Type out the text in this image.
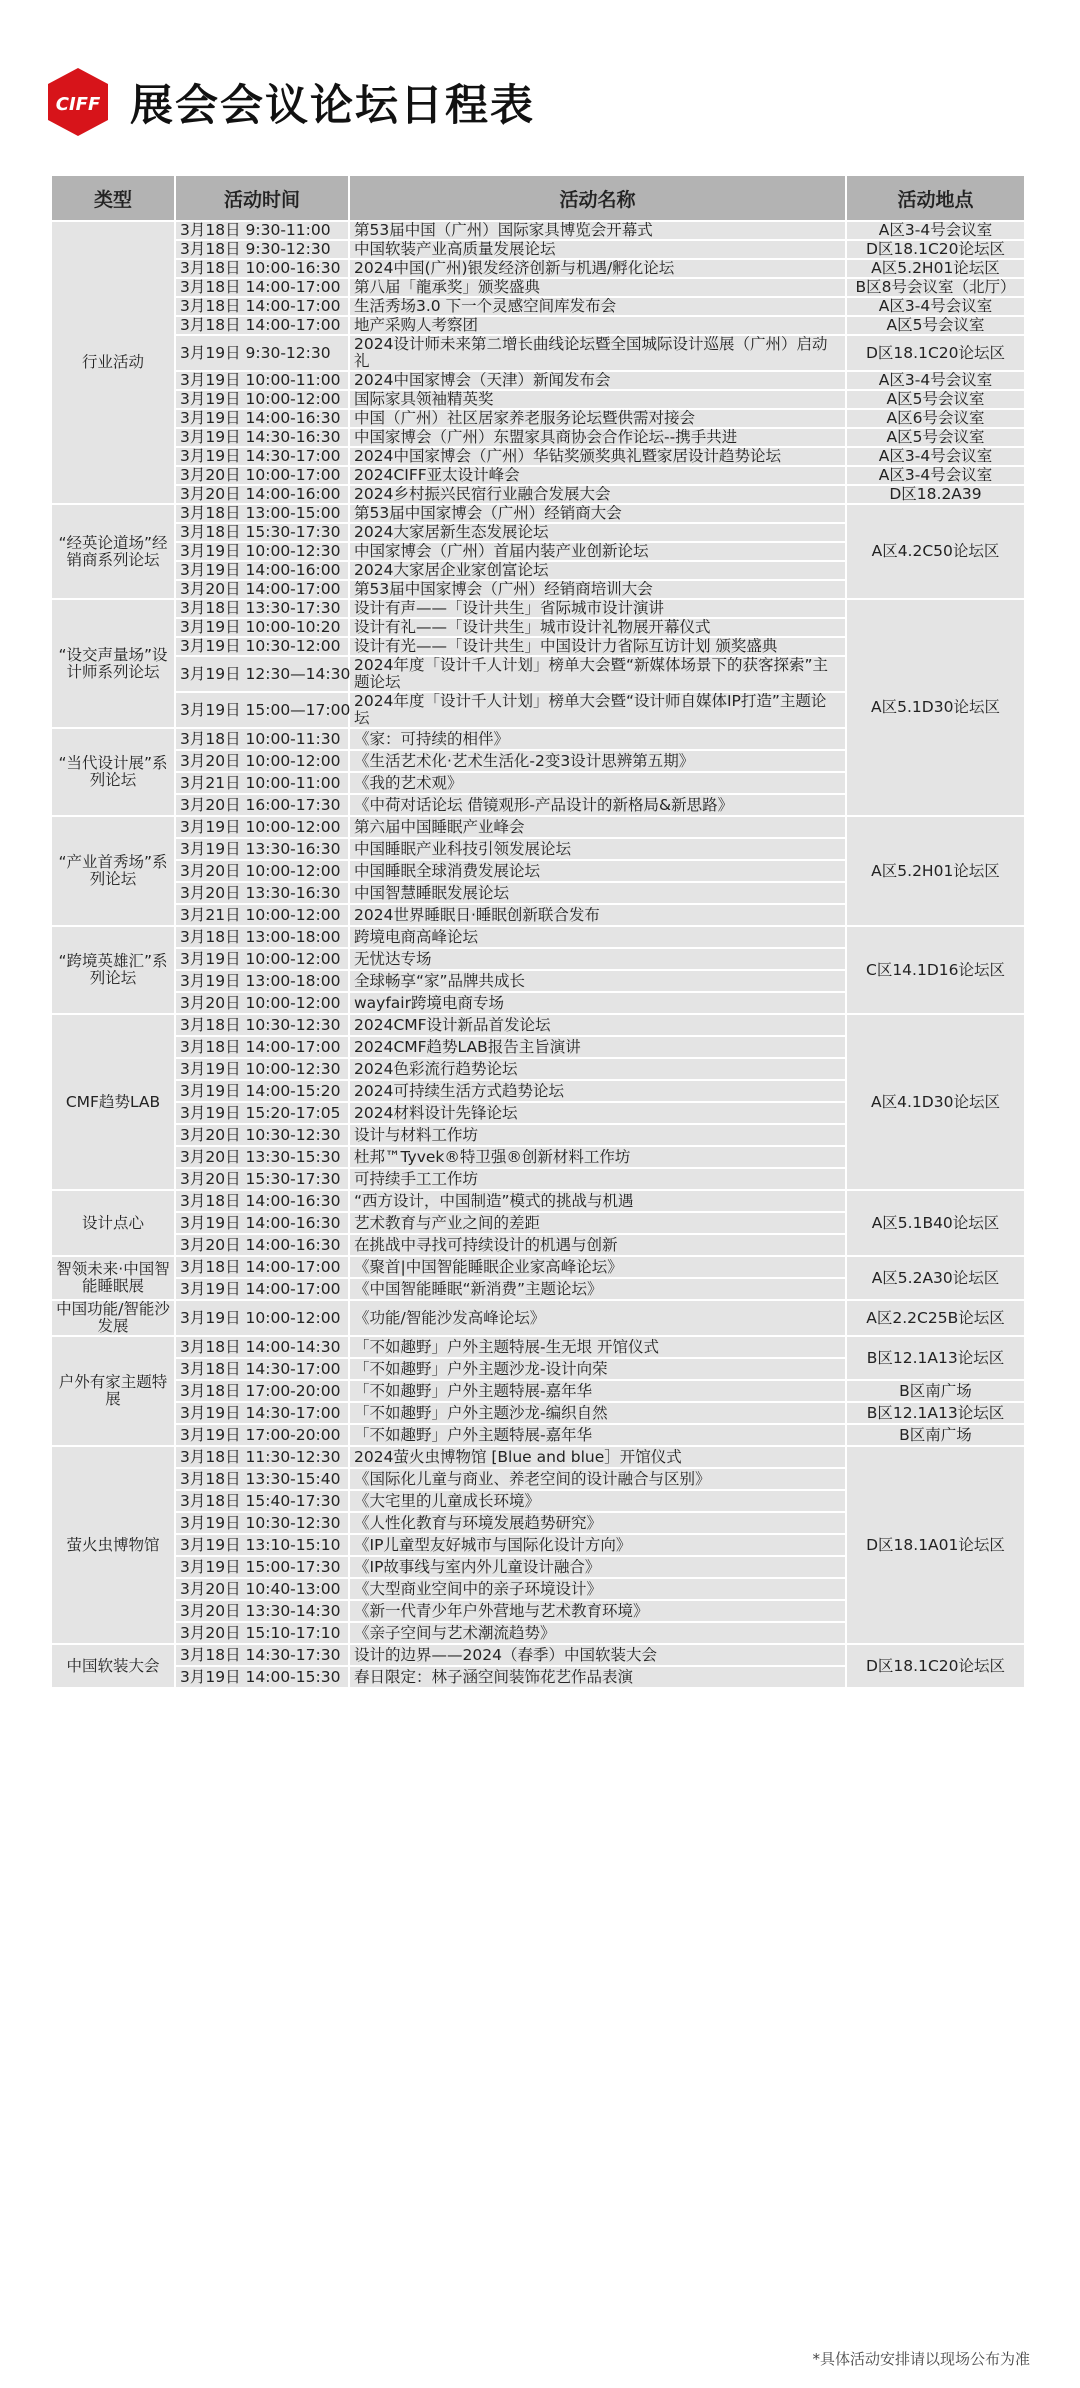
CIFF 展会会议论坛日程表
类型	活动时间	活动名称	活动地点
行业活动	3月18日 9:30-11:00	第53届中国（广州）国际家具博览会开幕式	A区3-4号会议室
	3月18日 9:30-12:30	中国软装产业高质量发展论坛	D区18.1C20论坛区
	3月18日 10:00-16:30	2024中国(广州)银发经济创新与机遇/孵化论坛	A区5.2H01论坛区
	3月18日 14:00-17:00	第八届「龍承奖」颁奖盛典	B区8号会议室（北厅）
	3月18日 14:00-17:00	生活秀场3.0 下一个灵感空间库发布会	A区3-4号会议室
	3月18日 14:00-17:00	地产采购人考察团	A区5号会议室
	3月19日 9:30-12:30	2024设计师未来第二增长曲线论坛暨全国城际设计巡展（广州）启动礼	D区18.1C20论坛区
	3月19日 10:00-11:00	2024中国家博会（天津）新闻发布会	A区3-4号会议室
	3月19日 10:00-12:00	国际家具领袖精英奖	A区5号会议室
	3月19日 14:00-16:30	中国（广州）社区居家养老服务论坛暨供需对接会	A区6号会议室
	3月19日 14:30-16:30	中国家博会（广州）东盟家具商协会合作论坛--携手共进	A区5号会议室
	3月19日 14:30-17:00	2024中国家博会（广州）华钻奖颁奖典礼暨家居设计趋势论坛	A区3-4号会议室
	3月20日 10:00-17:00	2024CIFF亚太设计峰会	A区3-4号会议室
	3月20日 14:00-16:00	2024乡村振兴民宿行业融合发展大会	D区18.2A39
“经英论道场”经销商系列论坛	3月18日 13:00-15:00	第53届中国家博会（广州）经销商大会	A区4.2C50论坛区
	3月18日 15:30-17:30	2024大家居新生态发展论坛	
	3月19日 10:00-12:30	中国家博会（广州）首届内装产业创新论坛	
	3月19日 14:00-16:00	2024大家居企业家创富论坛	
	3月20日 14:00-17:00	第53届中国家博会（广州）经销商培训大会	
“设交声量场”设计师系列论坛	3月18日 13:30-17:30	设计有声——「设计共生」省际城市设计演讲	A区5.1D30论坛区
	3月19日 10:00-10:20	设计有礼——「设计共生」城市设计礼物展开幕仪式	
	3月19日 10:30-12:00	设计有光——「设计共生」中国设计力省际互访计划 颁奖盛典	
	3月19日 12:30—14:30	2024年度「设计千人计划」榜单大会暨“新媒体场景下的获客探索”主题论坛	
	3月19日 15:00—17:00	2024年度「设计千人计划」榜单大会暨“设计师自媒体IP打造”主题论坛	
“当代设计展”系列论坛	3月18日 10:00-11:30	《家：可持续的相伴》	
	3月20日 10:00-12:00	《生活艺术化·艺术生活化-2变3设计思辨第五期》	
	3月21日 10:00-11:00	《我的艺术观》	
	3月20日 16:00-17:30	《中荷对话论坛 借镜观形-产品设计的新格局&新思路》	
“产业首秀场”系列论坛	3月19日 10:00-12:00	第六届中国睡眠产业峰会	A区5.2H01论坛区
	3月19日 13:30-16:30	中国睡眠产业科技引领发展论坛	
	3月20日 10:00-12:00	中国睡眠全球消费发展论坛	
	3月20日 13:30-16:30	中国智慧睡眠发展论坛	
	3月21日 10:00-12:00	2024世界睡眠日·睡眠创新联合发布	
“跨境英雄汇”系列论坛	3月18日 13:00-18:00	跨境电商高峰论坛	C区14.1D16论坛区
	3月19日 10:00-12:00	无忧达专场	
	3月19日 13:00-18:00	全球畅享“家”品牌共成长	
	3月20日 10:00-12:00	wayfair跨境电商专场	
CMF趋势LAB	3月18日 10:30-12:30	2024CMF设计新品首发论坛	A区4.1D30论坛区
	3月18日 14:00-17:00	2024CMF趋势LAB报告主旨演讲	
	3月19日 10:00-12:30	2024色彩流行趋势论坛	
	3月19日 14:00-15:20	2024可持续生活方式趋势论坛	
	3月19日 15:20-17:05	2024材料设计先锋论坛	
	3月20日 10:30-12:30	设计与材料工作坊	
	3月20日 13:30-15:30	杜邦™Tyvek®特卫强®创新材料工作坊	
	3月20日 15:30-17:30	可持续手工工作坊	
设计点心	3月18日 14:00-16:30	“西方设计，中国制造”模式的挑战与机遇	A区5.1B40论坛区
	3月19日 14:00-16:30	艺术教育与产业之间的差距	
	3月20日 14:00-16:30	在挑战中寻找可持续设计的机遇与创新	
智领未来·中国智能睡眠展	3月18日 14:00-17:00	《聚首|中国智能睡眠企业家高峰论坛》	A区5.2A30论坛区
	3月19日 14:00-17:00	《中国智能睡眠“新消费”主题论坛》	
中国功能/智能沙发展	3月19日 10:00-12:00	《功能/智能沙发高峰论坛》	A区2.2C25B论坛区
户外有家主题特展	3月18日 14:00-14:30	「不如趣野」户外主题特展-生无垠 开馆仪式	B区12.1A13论坛区
	3月18日 14:30-17:00	「不如趣野」户外主题沙龙-设计向荣	
	3月18日 17:00-20:00	「不如趣野」户外主题特展-嘉年华	B区南广场
	3月19日 14:30-17:00	「不如趣野」户外主题沙龙-编织自然	B区12.1A13论坛区
	3月19日 17:00-20:00	「不如趣野」户外主题特展-嘉年华	B区南广场
萤火虫博物馆	3月18日 11:30-12:30	2024萤火虫博物馆 [Blue and blue］开馆仪式	D区18.1A01论坛区
	3月18日 13:30-15:40	《国际化儿童与商业、养老空间的设计融合与区别》	
	3月18日 15:40-17:30	《大宅里的儿童成长环境》	
	3月19日 10:30-12:30	《人性化教育与环境发展趋势研究》	
	3月19日 13:10-15:10	《IP儿童型友好城市与国际化设计方向》	
	3月19日 15:00-17:30	《IP故事线与室内外儿童设计融合》	
	3月20日 10:40-13:00	《大型商业空间中的亲子环境设计》	
	3月20日 13:30-14:30	《新一代青少年户外营地与艺术教育环境》	
	3月20日 15:10-17:10	《亲子空间与艺术潮流趋势》	
中国软装大会	3月18日 14:30-17:30	设计的边界——2024（春季）中国软装大会	D区18.1C20论坛区
	3月19日 14:00-15:30	春日限定：林子涵空间装饰花艺作品表演	
*具体活动安排请以现场公布为准
